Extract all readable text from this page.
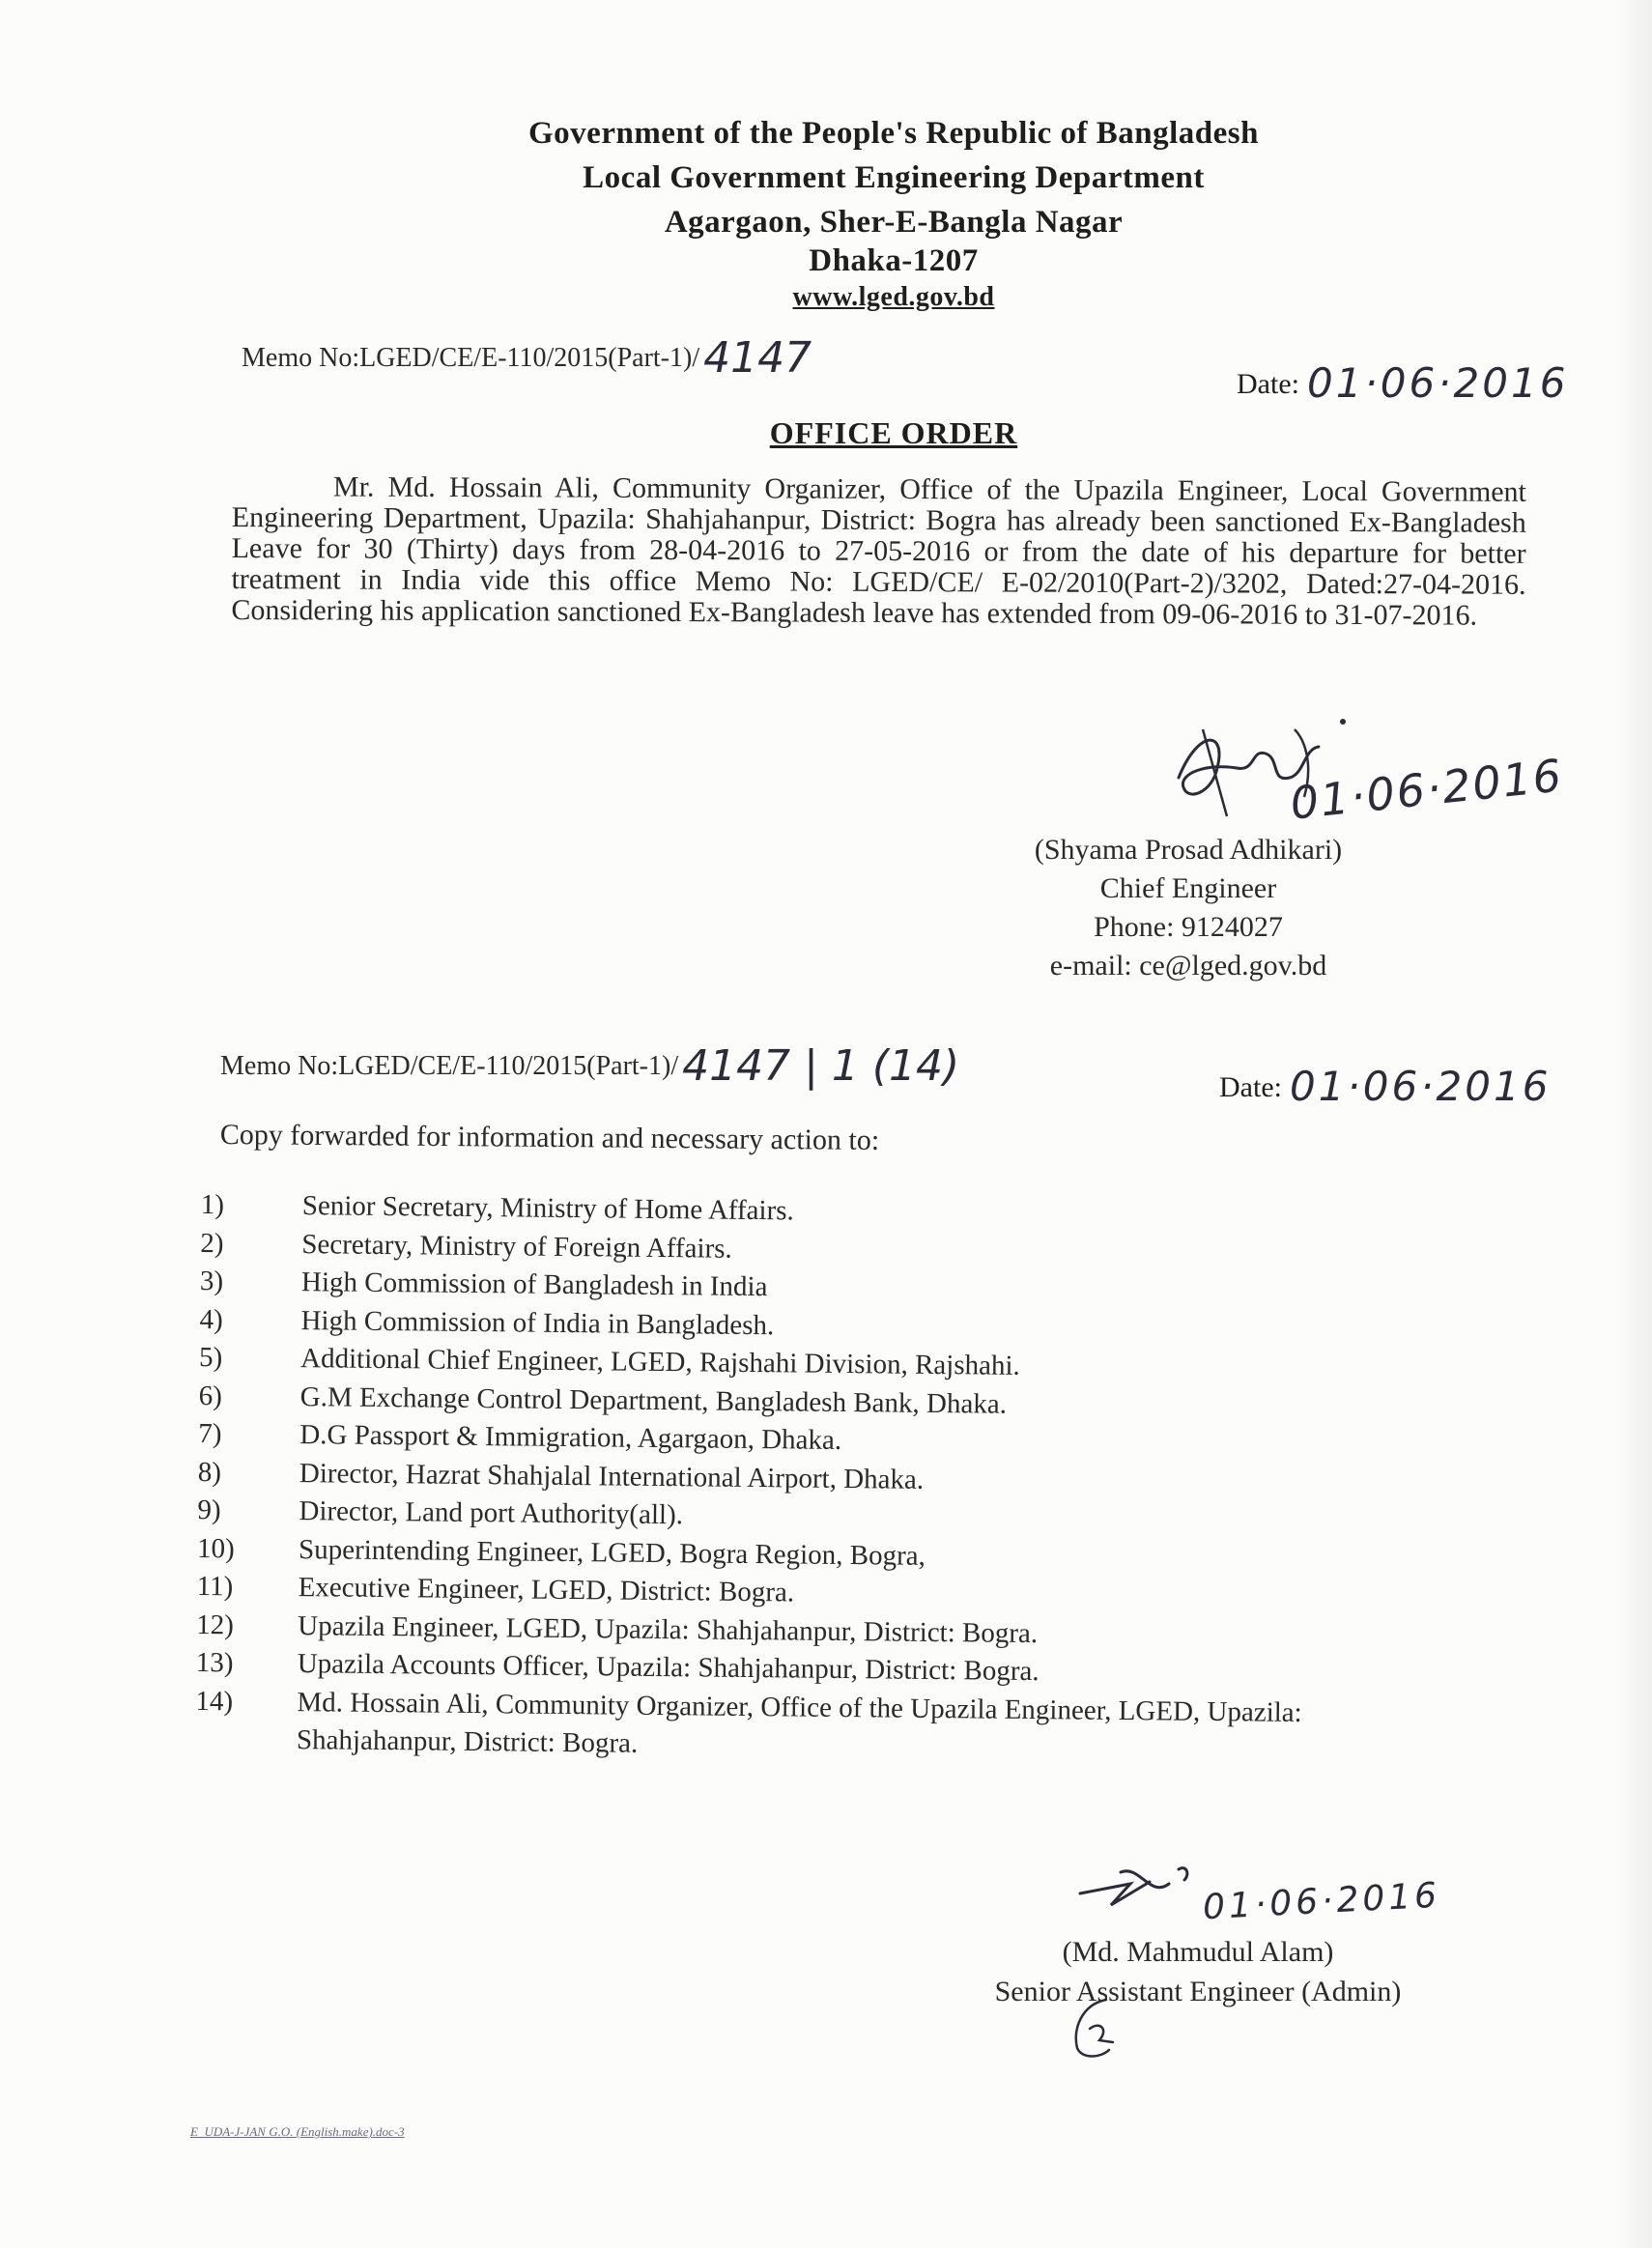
Government of the People's Republic of Bangladesh
Local Government Engineering Department
Agargaon, Sher-E-Bangla Nagar
Dhaka-1207
www.lged.gov.bd
Memo No:LGED/CE/E-110/2015(Part-1)/4147
Date: 01·06·2016
OFFICE ORDER
Mr. Md. Hossain Ali, Community Organizer, Office of the Upazila Engineer, Local Government Engineering Department, Upazila: Shahjahanpur, District: Bogra has already been sanctioned Ex-Bangladesh Leave for 30 (Thirty) days from 28-04-2016 to 27-05-2016 or from the date of his departure for better treatment in India vide this office Memo No: LGED/CE/ E-02/2010(Part-2)/3202, Dated:27-04-2016. Considering his application sanctioned Ex-Bangladesh leave has extended from 09-06-2016 to 31-07-2016.
01·06·2016
(Shyama Prosad Adhikari)
Chief Engineer
Phone: 9124027
e-mail: ce@lged.gov.bd
Memo No:LGED/CE/E-110/2015(Part-1)/4147 | 1 (14)	Date: 01·06·2016
Copy forwarded for information and necessary action to:
1)	Senior Secretary, Ministry of Home Affairs.
2)	Secretary, Ministry of Foreign Affairs.
3)	High Commission of Bangladesh in India
4)	High Commission of India in Bangladesh.
5)	Additional Chief Engineer, LGED, Rajshahi Division, Rajshahi.
6)	G.M Exchange Control Department, Bangladesh Bank, Dhaka.
7)	D.G Passport & Immigration, Agargaon, Dhaka.
8)	Director, Hazrat Shahjalal International Airport, Dhaka.
9)	Director, Land port Authority(all).
10)	Superintending Engineer, LGED, Bogra Region, Bogra,
11)	Executive Engineer, LGED, District: Bogra.
12)	Upazila Engineer, LGED, Upazila: Shahjahanpur, District: Bogra.
13)	Upazila Accounts Officer, Upazila: Shahjahanpur, District: Bogra.
14)	Md. Hossain Ali, Community Organizer, Office of the Upazila Engineer, LGED, Upazila: Shahjahanpur, District: Bogra.
01·06·2016
(Md. Mahmudul Alam)
Senior Assistant Engineer (Admin)
E_UDA-J-JAN G.O. (English.make).doc-3
